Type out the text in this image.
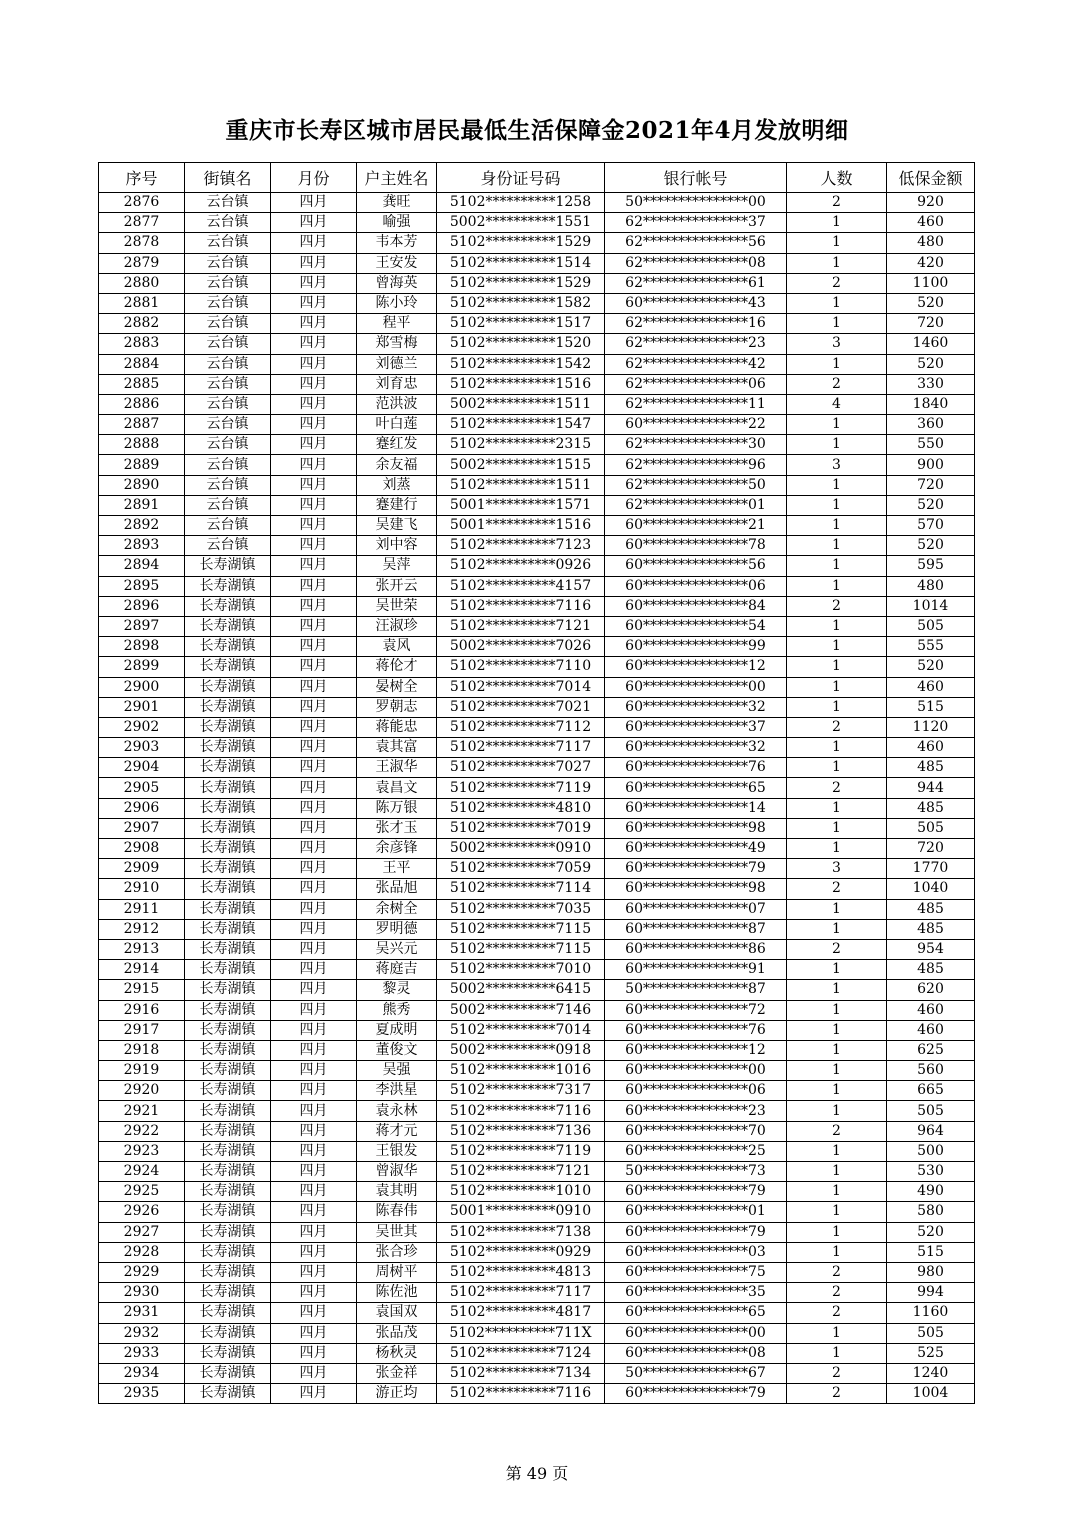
重庆市长寿区城市居民最低生活保障金2021年4月发放明细
序号	街镇名	月份	户主姓名	身份证号码	银行帐号	人数	低保金额
2876	云台镇	四月	龚旺	5102**********1258	50***************00	2	920
2877	云台镇	四月	喻强	5002**********1551	62***************37	1	460
2878	云台镇	四月	韦本芳	5102**********1529	62***************56	1	480
2879	云台镇	四月	王安发	5102**********1514	62***************08	1	420
2880	云台镇	四月	曾海英	5102**********1529	62***************61	2	1100
2881	云台镇	四月	陈小玲	5102**********1582	60***************43	1	520
2882	云台镇	四月	程平	5102**********1517	62***************16	1	720
2883	云台镇	四月	郑雪梅	5102**********1520	62***************23	3	1460
2884	云台镇	四月	刘德兰	5102**********1542	62***************42	1	520
2885	云台镇	四月	刘育忠	5102**********1516	62***************06	2	330
2886	云台镇	四月	范洪波	5002**********1511	62***************11	4	1840
2887	云台镇	四月	叶白莲	5102**********1547	60***************22	1	360
2888	云台镇	四月	蹇红发	5102**********2315	62***************30	1	550
2889	云台镇	四月	余友福	5002**********1515	62***************96	3	900
2890	云台镇	四月	刘蒸	5102**********1511	62***************50	1	720
2891	云台镇	四月	蹇建行	5001**********1571	62***************01	1	520
2892	云台镇	四月	吴建飞	5001**********1516	60***************21	1	570
2893	云台镇	四月	刘中容	5102**********7123	60***************78	1	520
2894	长寿湖镇	四月	吴萍	5102**********0926	60***************56	1	595
2895	长寿湖镇	四月	张开云	5102**********4157	60***************06	1	480
2896	长寿湖镇	四月	吴世荣	5102**********7116	60***************84	2	1014
2897	长寿湖镇	四月	汪淑珍	5102**********7121	60***************54	1	505
2898	长寿湖镇	四月	袁风	5002**********7026	60***************99	1	555
2899	长寿湖镇	四月	蒋伦才	5102**********7110	60***************12	1	520
2900	长寿湖镇	四月	晏树全	5102**********7014	60***************00	1	460
2901	长寿湖镇	四月	罗朝志	5102**********7021	60***************32	1	515
2902	长寿湖镇	四月	蒋能忠	5102**********7112	60***************37	2	1120
2903	长寿湖镇	四月	袁其富	5102**********7117	60***************32	1	460
2904	长寿湖镇	四月	王淑华	5102**********7027	60***************76	1	485
2905	长寿湖镇	四月	袁昌文	5102**********7119	60***************65	2	944
2906	长寿湖镇	四月	陈万银	5102**********4810	60***************14	1	485
2907	长寿湖镇	四月	张才玉	5102**********7019	60***************98	1	505
2908	长寿湖镇	四月	余彦锋	5002**********0910	60***************49	1	720
2909	长寿湖镇	四月	王平	5102**********7059	60***************79	3	1770
2910	长寿湖镇	四月	张品旭	5102**********7114	60***************98	2	1040
2911	长寿湖镇	四月	余树全	5102**********7035	60***************07	1	485
2912	长寿湖镇	四月	罗明德	5102**********7115	60***************87	1	485
2913	长寿湖镇	四月	吴兴元	5102**********7115	60***************86	2	954
2914	长寿湖镇	四月	蒋庭吉	5102**********7010	60***************91	1	485
2915	长寿湖镇	四月	黎灵	5002**********6415	50***************87	1	620
2916	长寿湖镇	四月	熊秀	5002**********7146	60***************72	1	460
2917	长寿湖镇	四月	夏成明	5102**********7014	60***************76	1	460
2918	长寿湖镇	四月	董俊文	5002**********0918	60***************12	1	625
2919	长寿湖镇	四月	吴强	5102**********1016	60***************00	1	560
2920	长寿湖镇	四月	李洪星	5102**********7317	60***************06	1	665
2921	长寿湖镇	四月	袁永林	5102**********7116	60***************23	1	505
2922	长寿湖镇	四月	蒋才元	5102**********7136	60***************70	2	964
2923	长寿湖镇	四月	王银发	5102**********7119	60***************25	1	500
2924	长寿湖镇	四月	曾淑华	5102**********7121	50***************73	1	530
2925	长寿湖镇	四月	袁其明	5102**********1010	60***************79	1	490
2926	长寿湖镇	四月	陈春伟	5001**********0910	60***************01	1	580
2927	长寿湖镇	四月	吴世其	5102**********7138	60***************79	1	520
2928	长寿湖镇	四月	张合珍	5102**********0929	60***************03	1	515
2929	长寿湖镇	四月	周树平	5102**********4813	60***************75	2	980
2930	长寿湖镇	四月	陈佐池	5102**********7117	60***************35	2	994
2931	长寿湖镇	四月	袁国双	5102**********4817	60***************65	2	1160
2932	长寿湖镇	四月	张品茂	5102**********711X	60***************00	1	505
2933	长寿湖镇	四月	杨秋灵	5102**********7124	60***************08	1	525
2934	长寿湖镇	四月	张金祥	5102**********7134	50***************67	2	1240
2935	长寿湖镇	四月	游正均	5102**********7116	60***************79	2	1004
第 49 页
